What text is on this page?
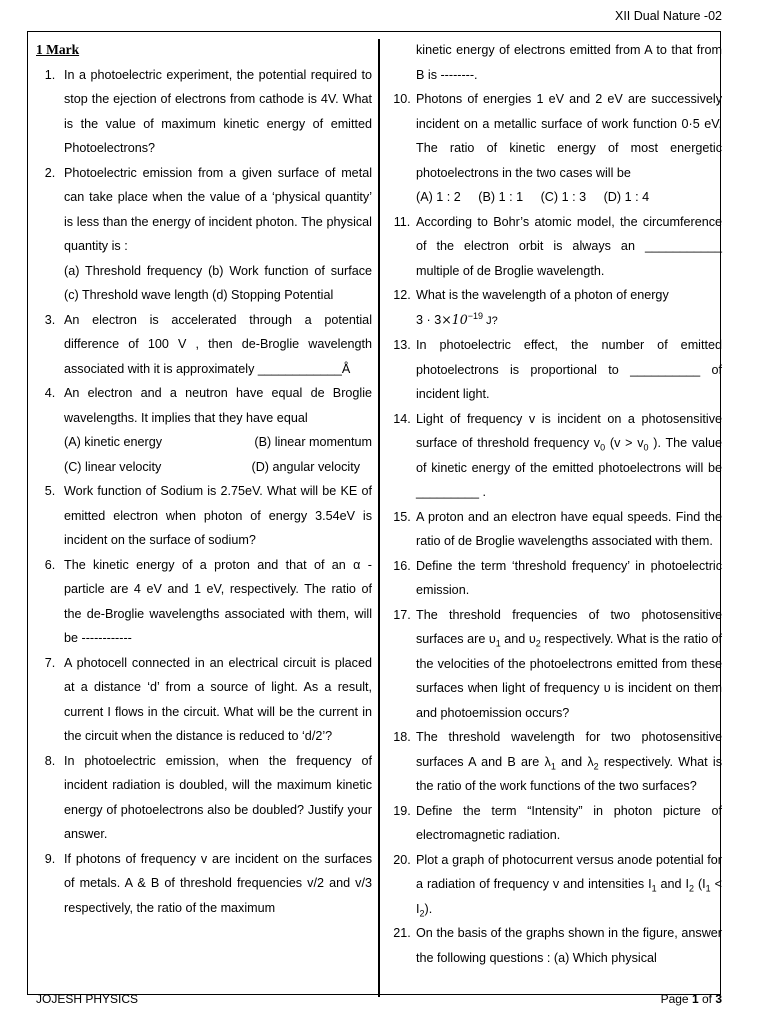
XII Dual Nature -02
1 Mark
1. In a photoelectric experiment, the potential required to stop the ejection of electrons from cathode is 4V. What is the value of maximum kinetic energy of emitted Photoelectrons?

2. Photoelectric emission from a given surface of metal can take place when the value of a ‘physical quantity’ is less than the energy of incident photon. The physical quantity is :

(a) Threshold frequency (b) Work function of surface (c) Threshold wave length (d) Stopping Potential

3. An electron is accelerated through a potential difference of 100 V , then de-Broglie wavelength associated with it is approximately ____________Å

4. An electron and a neutron have equal de Broglie wavelengths. It implies that they have equal

(A) kinetic energy	(B) linear momentum
(C) linear velocity	(D) angular velocity
5. Work function of Sodium is 2.75eV. What will be KE of emitted electron when photon of energy 3.54eV is incident on the surface of sodium?

6. The kinetic energy of a proton and that of an α - particle are 4 eV and 1 eV, respectively. The ratio of the de-Broglie wavelengths associated with them, will be ------------

7. A photocell connected in an electrical circuit is placed at a distance ‘d’ from a source of light. As a result, current I flows in the circuit. What will be the current in the circuit when the distance is reduced to ‘d/2’?

8. In photoelectric emission, when the frequency of incident radiation is doubled, will the maximum kinetic energy of photoelectrons also be doubled? Justify your answer.

9. If photons of frequency v are incident on the surfaces of metals. A & B of threshold frequencies v/2 and v/3 respectively, the ratio of the maximum

kinetic energy of electrons emitted from A to that from B is --------.

10. Photons of energies 1 eV and 2 eV are successively incident on a metallic surface of work function 0·5 eV. The ratio of kinetic energy of most energetic photoelectrons in the two cases will be

(A) 1 : 2 (B) 1 : 1 (C) 1 : 3 (D) 1 : 4
11. According to Bohr’s atomic model, the circumference of the electron orbit is always an ___________ multiple of de Broglie wavelength.

12. What is the wavelength of a photon of energy

$3 \cdot 3\times 10^{-19}$ J?

13. In photoelectric effect, the number of emitted photoelectrons is proportional to __________ of incident light.

14. Light of frequency v is incident on a photosensitive surface of threshold frequency $v_0$ ($v > v_0$ ). The value of kinetic energy of the emitted photoelectrons will be _________ .

15. A proton and an electron have equal speeds. Find the ratio of de Broglie wavelengths associated with them.

16. Define the term ‘threshold frequency’ in photoelectric emission.

17. The threshold frequencies of two photosensitive surfaces are $\upsilon_1$ and $\upsilon_2$ respectively. What is the ratio of the velocities of the photoelectrons emitted from these surfaces when light of frequency υ is incident on them and photoemission occurs?

18. The threshold wavelength for two photosensitive surfaces A and B are $\lambda_1$ and $\lambda_2$ respectively. What is the ratio of the work functions of the two surfaces?

19. Define the term “Intensity” in photon picture of electromagnetic radiation.

20. Plot a graph of photocurrent versus anode potential for a radiation of frequency v and intensities $I_1$ and $I_2$ $(I_1 < I_2)$.

21. On the basis of the graphs shown in the figure, answer the following questions : (a) Which physical

JOJESH PHYSICS	Page 1 of 3
